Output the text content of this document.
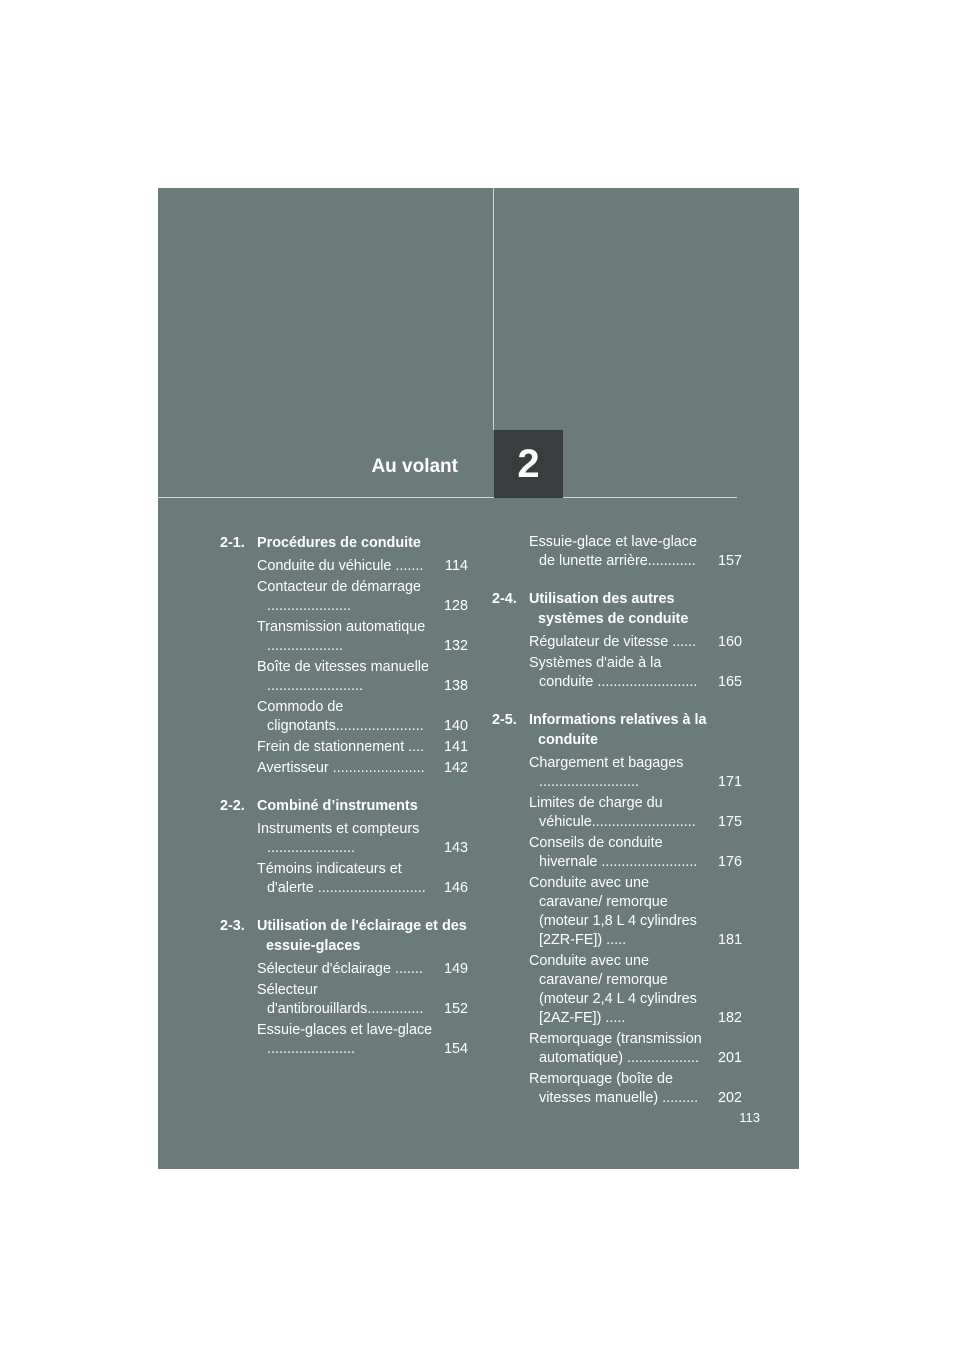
Au volant	2
2-1. Procédures de conduite
Conduite du véhicule .......	114
Contacteur de démarrage .....................	128
Transmission automatique ...................	132
Boîte de vitesses manuelle ........................	138
Commodo de clignotants......................	140
Frein de stationnement ....	141
Avertisseur .......................	142
2-2. Combiné d’instruments
Instruments et compteurs ......................	143
Témoins indicateurs et d'alerte ...........................	146
2-3. Utilisation de l'éclairage et des essuie-glaces
Sélecteur d'éclairage .......	149
Sélecteur d'antibrouillards..............	152
Essuie-glaces et lave-glace ......................	154
Essuie-glace et lave-glace de lunette arrière............	157
2-4. Utilisation des autres systèmes de conduite
Régulateur de vitesse ......	160
Systèmes d'aide à la conduite .........................	165
2-5. Informations relatives à la conduite
Chargement et bagages .........................	171
Limites de charge du véhicule..........................	175
Conseils de conduite hivernale ........................	176
Conduite avec une caravane/ remorque (moteur 1,8 L 4 cylindres [2ZR-FE]) .....	181
Conduite avec une caravane/ remorque (moteur 2,4 L 4 cylindres [2AZ-FE]) .....	182
Remorquage (transmission automatique) ..................	201
Remorquage (boîte de vitesses manuelle) .........	202
113
